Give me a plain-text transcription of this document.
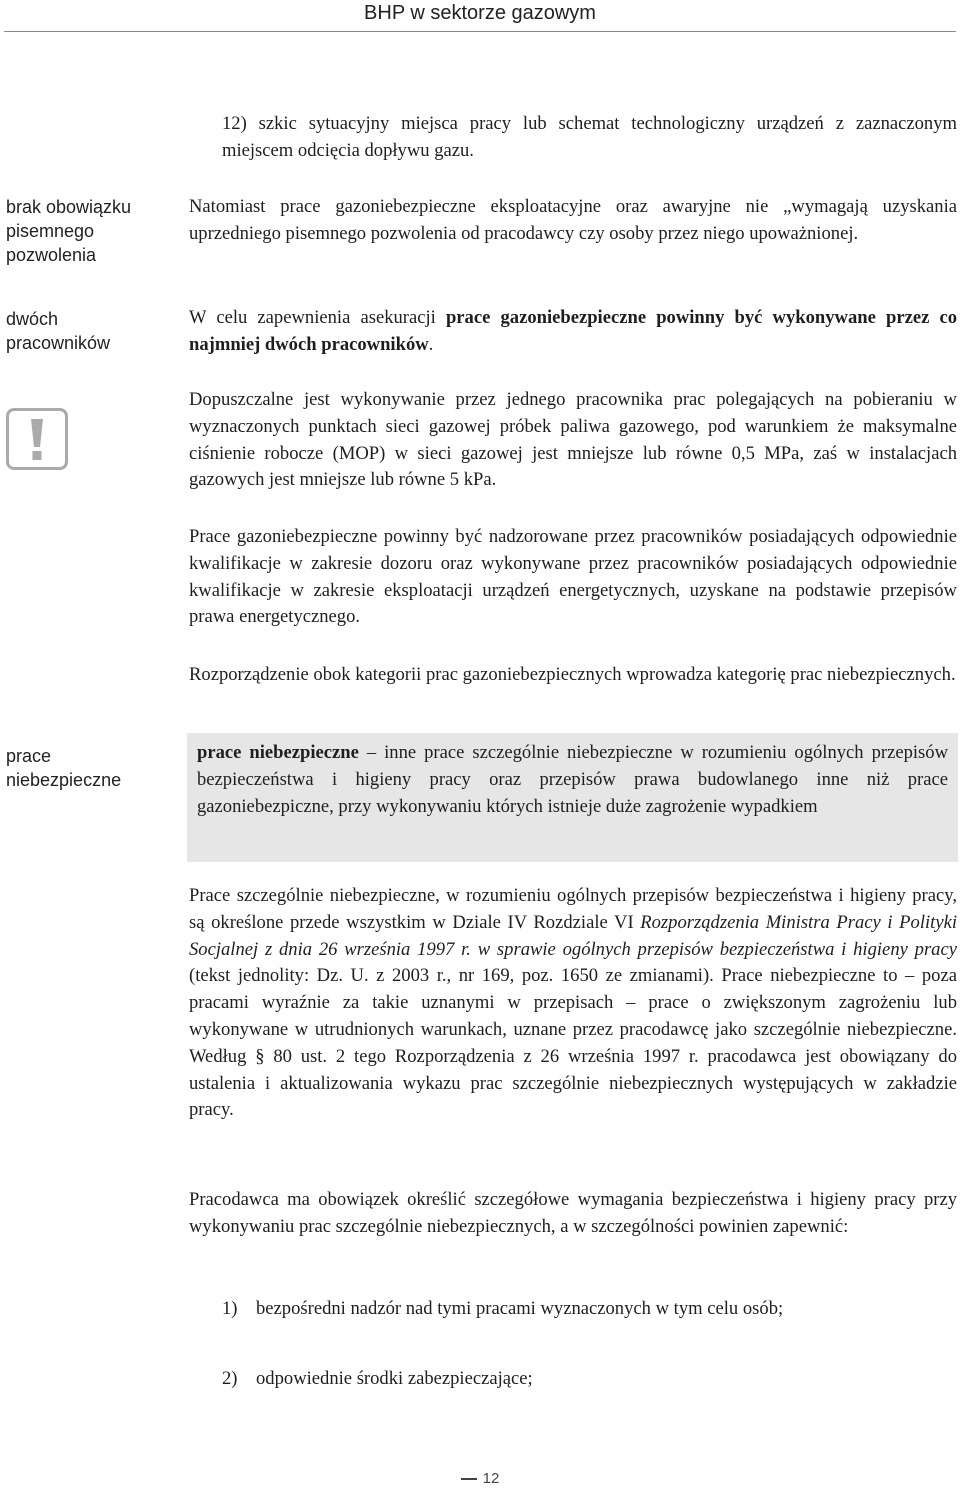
BHP w sektorze gazowym
brak obowiązku
pisemnego
pozwolenia
dwóch
pracowników
prace
niebezpieczne

12) szkic sytuacyjny miejsca pracy lub schemat technologiczny urządzeń z zaznaczonym miejscem odcięcia dopływu gazu.

Natomiast prace gazoniebezpieczne eksploatacyjne oraz awaryjne nie „wymagają uzyskania uprzedniego pisemnego pozwolenia od pracodawcy czy osoby przez niego upoważnionej.

W celu zapewnienia asekuracji prace gazoniebezpieczne powinny być wykonywane przez co najmniej dwóch pracowników.

Dopuszczalne jest wykonywanie przez jednego pracownika prac polegających na pobieraniu w wyznaczonych punktach sieci gazowej próbek paliwa gazowego, pod warunkiem że maksymalne ciśnienie robocze (MOP) w sieci gazowej jest mniejsze lub równe 0,5 MPa, zaś w instalacjach gazowych jest mniejsze lub równe 5 kPa.

Prace gazoniebezpieczne powinny być nadzorowane przez pracowników posiadających odpowiednie kwalifikacje w zakresie dozoru oraz wykonywane przez pracowników posiadających odpowiednie kwalifikacje w zakresie eksploatacji urządzeń energetycznych, uzyskane na podstawie przepisów prawa energetycznego.

Rozporządzenie obok kategorii prac gazoniebezpiecznych wprowadza kategorię prac niebezpiecznych.

prace niebezpieczne – inne prace szczególnie niebezpieczne w rozumieniu ogólnych przepisów bezpieczeństwa i higieny pracy oraz przepisów prawa budowlanego inne niż prace gazoniebezpiczne, przy wykonywaniu których istnieje duże zagrożenie wypadkiem

Prace szczególnie niebezpieczne, w rozumieniu ogólnych przepisów bezpieczeństwa i higieny pracy, są określone przede wszystkim w Dziale IV Rozdziale VI Rozporządzenia Ministra Pracy i Polityki Socjalnej z dnia 26 września 1997 r. w sprawie ogólnych przepisów bezpieczeństwa i higieny pracy (tekst jednolity: Dz. U. z 2003 r., nr 169, poz. 1650 ze zmianami). Prace niebezpieczne to – poza pracami wyraźnie za takie uznanymi w przepisach – prace o zwiększonym zagrożeniu lub wykonywane w utrudnionych warunkach, uznane przez pracodawcę jako szczególnie niebezpieczne. Według § 80 ust. 2 tego Rozporządzenia z 26 września 1997 r. pracodawca jest obowiązany do ustalenia i aktualizowania wykazu prac szczególnie niebezpiecznych występujących w zakładzie pracy.

Pracodawca ma obowiązek określić szczegółowe wymagania bezpieczeństwa i higieny pracy przy wykonywaniu prac szczególnie niebezpiecznych, a w szczególności powinien zapewnić:

1) bezpośredni nadzór nad tymi pracami wyznaczonych w tym celu osób;

2) odpowiednie środki zabezpieczające;

12
